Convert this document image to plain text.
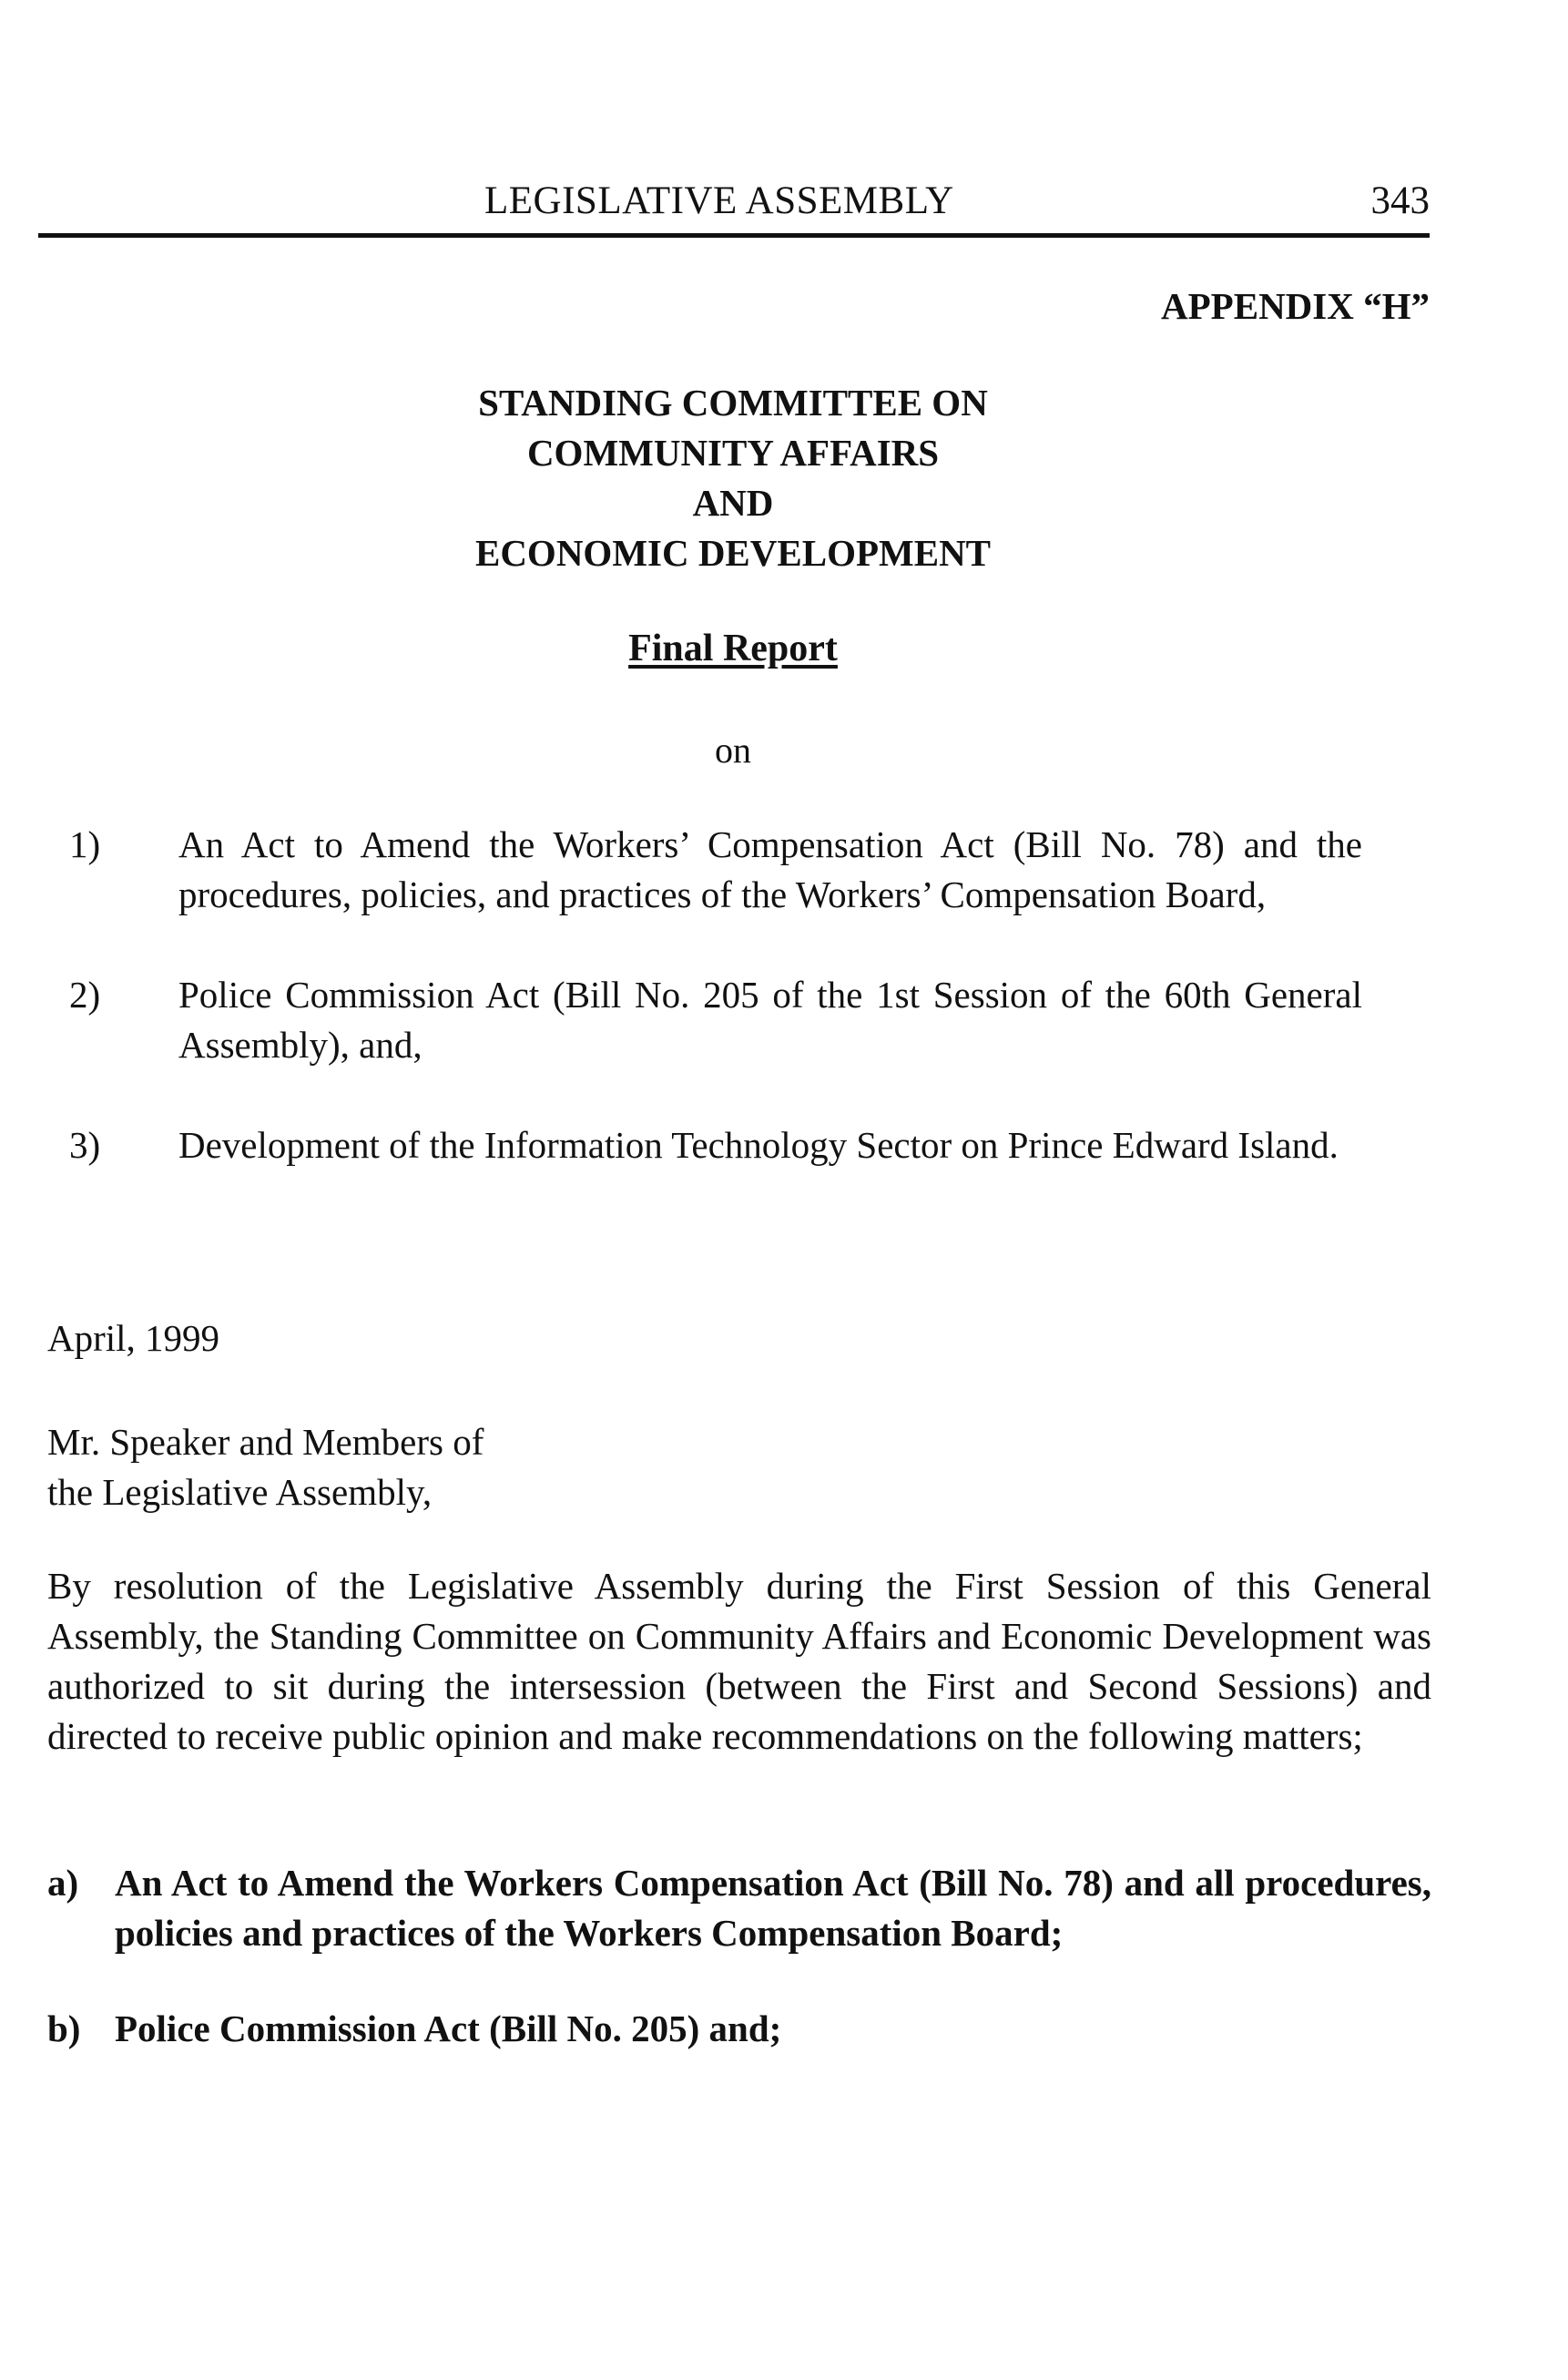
LEGISLATIVE ASSEMBLY	343
APPENDIX “H”
STANDING COMMITTEE ON
COMMUNITY AFFAIRS
AND
ECONOMIC DEVELOPMENT
Final Report
on
1) An Act to Amend the Workers’ Compensation Act (Bill No. 78) and the procedures, policies, and practices of the Workers’ Compensation Board,
2) Police Commission Act (Bill No. 205 of the 1st Session of the 60th General Assembly), and,
3) Development of the Information Technology Sector on Prince Edward Island.
April, 1999
Mr. Speaker and Members of
the Legislative Assembly,
By resolution of the Legislative Assembly during the First Session of this General Assembly, the Standing Committee on Community Affairs and Economic Development was authorized to sit during the intersession (between the First and Second Sessions) and directed to receive public opinion and make recommendations on the following matters;
a) An Act to Amend the Workers Compensation Act (Bill No. 78) and all procedures, policies and practices of the Workers Compensation Board;
b) Police Commission Act (Bill No. 205) and;
